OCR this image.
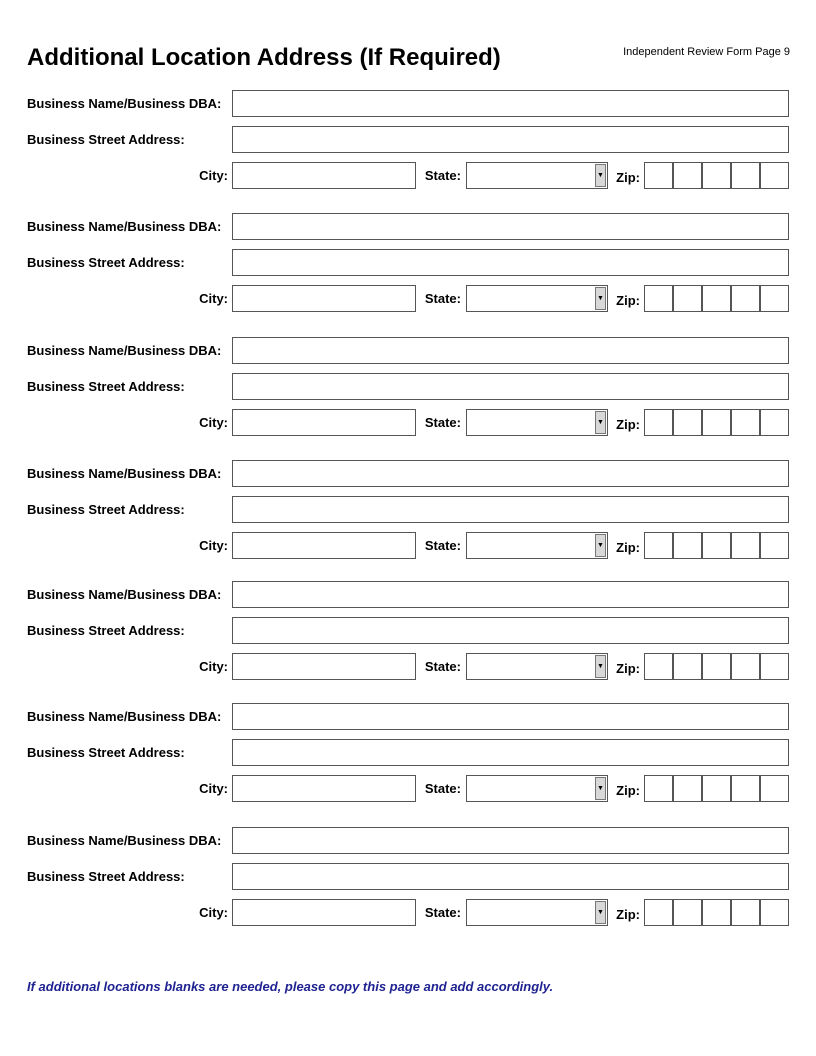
Additional Location Address (If Required)	Independent Review Form Page 9
Business Name/Business DBA:
Business Street Address:
City:	State:	▼ Zip:
Business Name/Business DBA:
Business Street Address:
City:	State:	▼ Zip:
Business Name/Business DBA:
Business Street Address:
City:	State:	▼ Zip:
Business Name/Business DBA:
Business Street Address:
City:	State:	▼ Zip:
Business Name/Business DBA:
Business Street Address:
City:	State:	▼ Zip:
Business Name/Business DBA:
Business Street Address:
City:	State:	▼ Zip:
Business Name/Business DBA:
Business Street Address:
City:	State:	▼ Zip:
If additional locations blanks are needed, please copy this page and add accordingly.
